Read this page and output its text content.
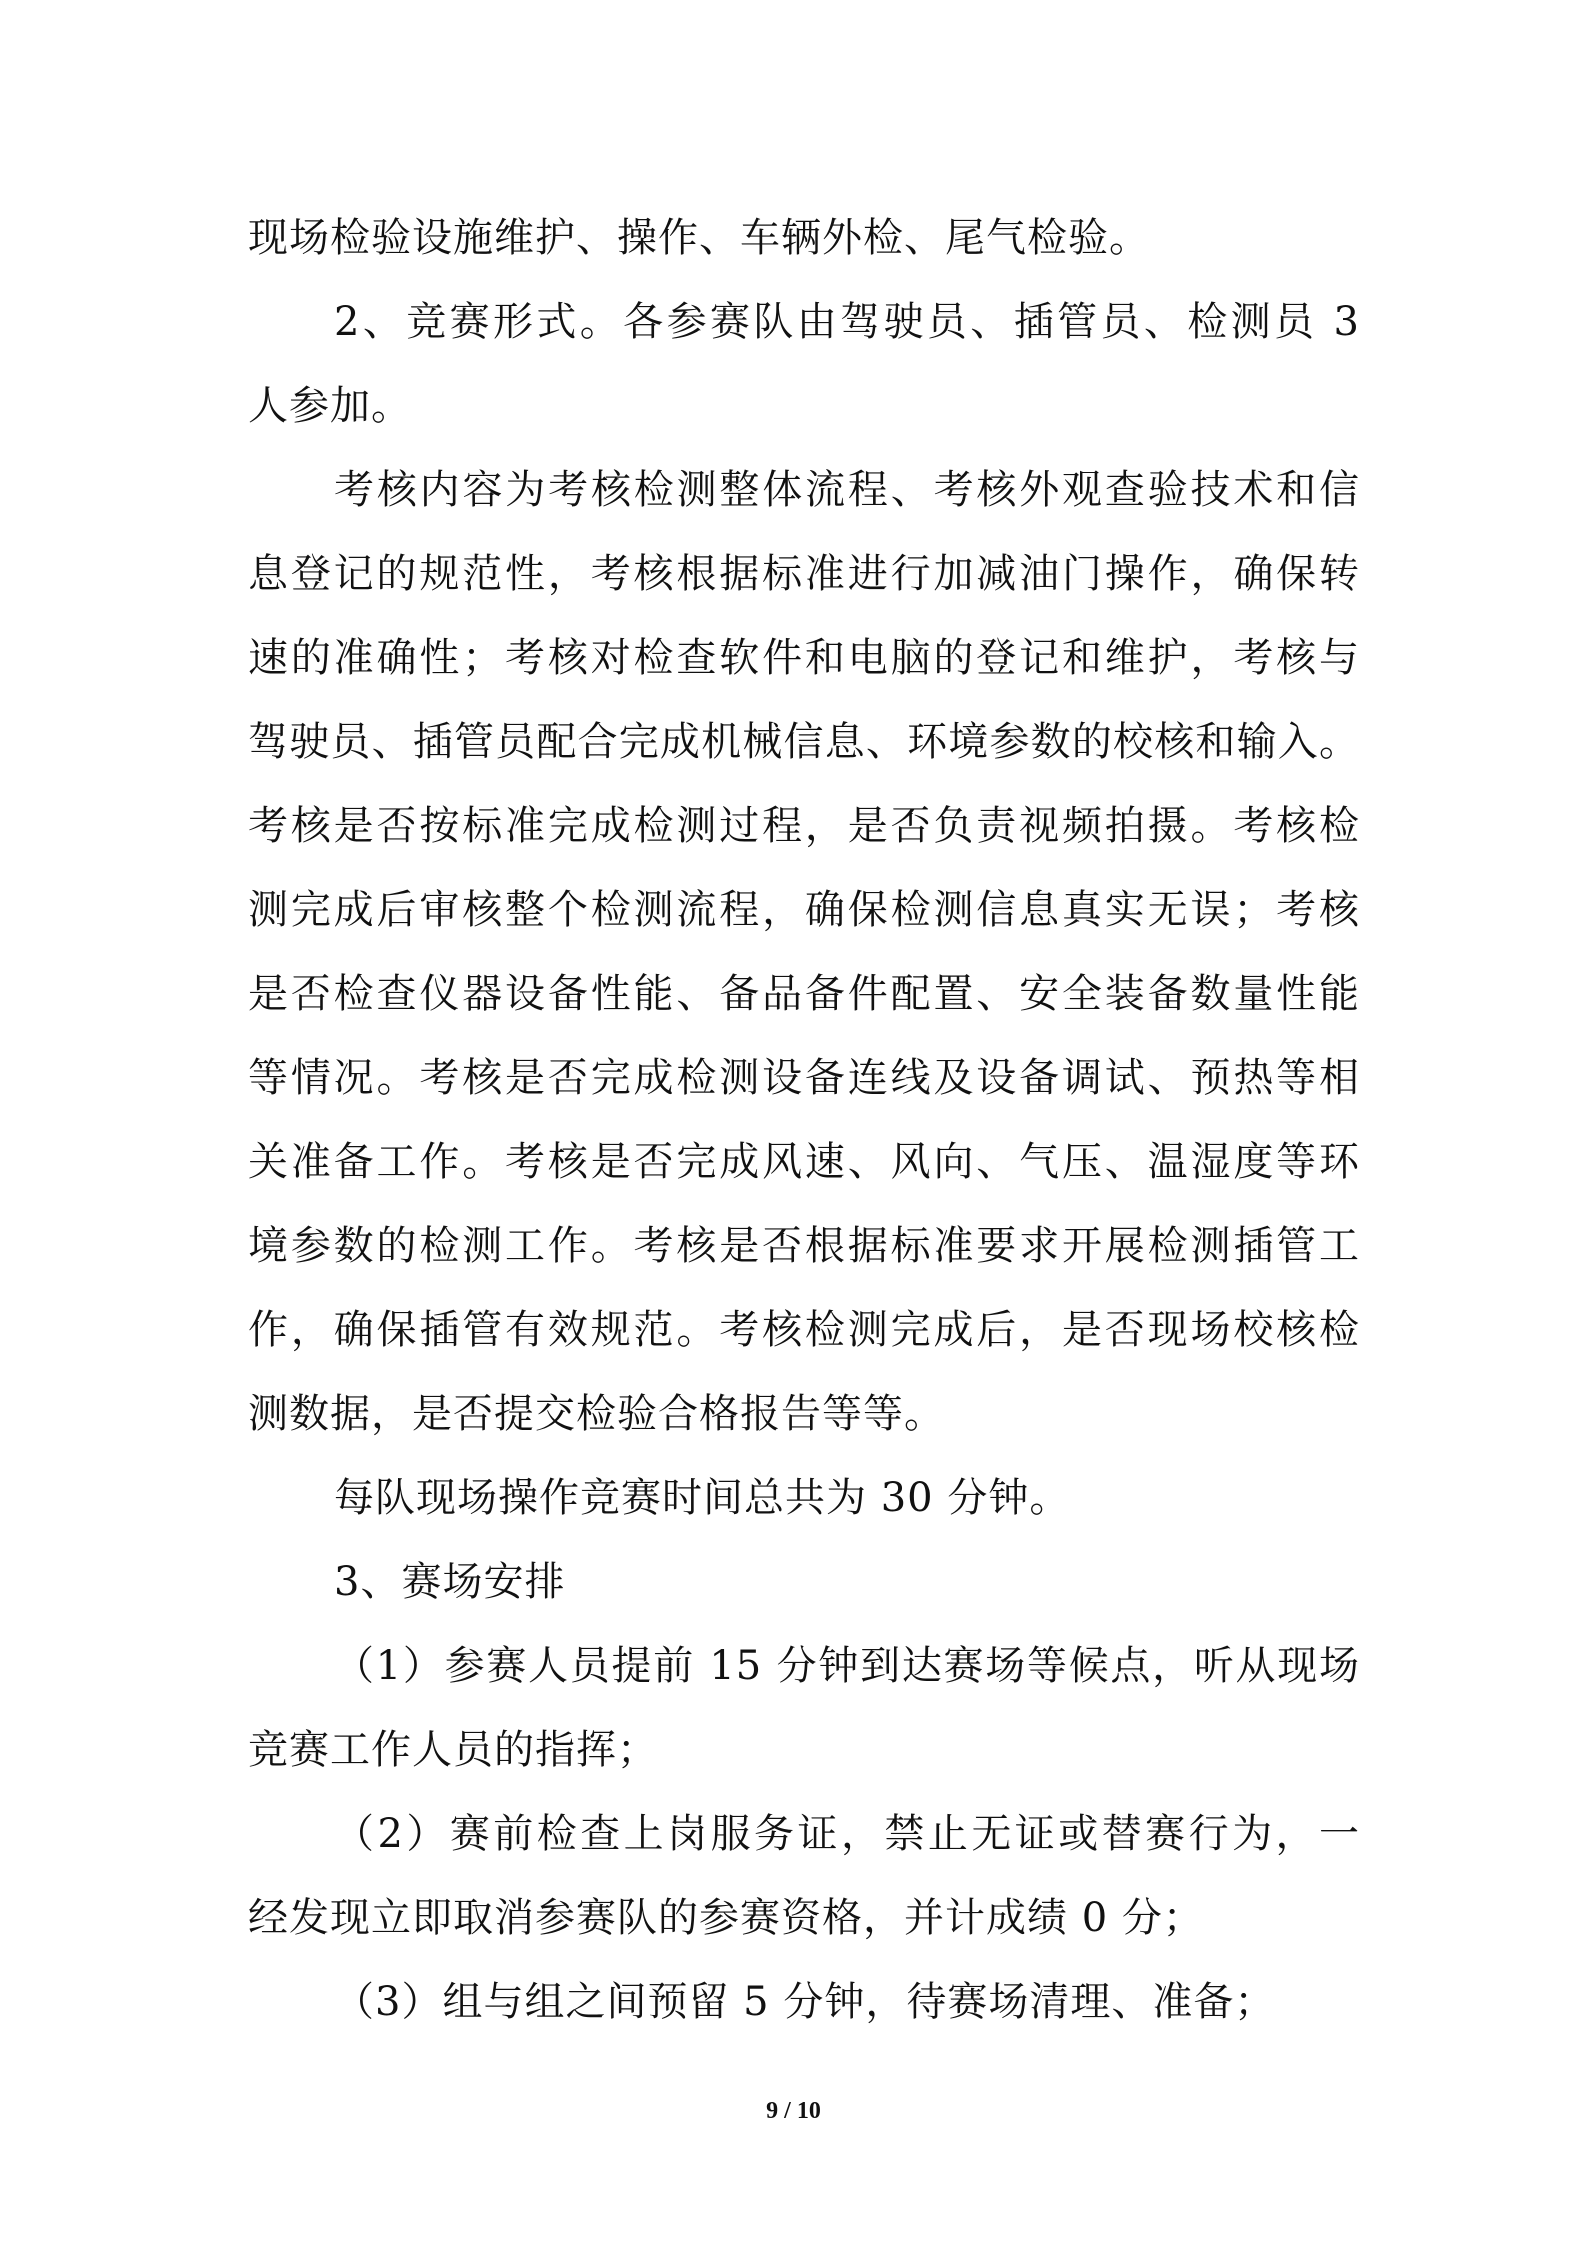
现场检验设施维护、操作、车辆外检、尾气检验。
2、竞赛形式。各参赛队由驾驶员、插管员、检测员 3
人参加。
考核内容为考核检测整体流程、考核外观查验技术和信
息登记的规范性，考核根据标准进行加减油门操作，确保转
速的准确性；考核对检查软件和电脑的登记和维护，考核与
驾驶员、插管员配合完成机械信息、环境参数的校核和输入。
考核是否按标准完成检测过程，是否负责视频拍摄。考核检
测完成后审核整个检测流程，确保检测信息真实无误；考核
是否检查仪器设备性能、备品备件配置、安全装备数量性能
等情况。考核是否完成检测设备连线及设备调试、预热等相
关准备工作。考核是否完成风速、风向、气压、温湿度等环
境参数的检测工作。考核是否根据标准要求开展检测插管工
作，确保插管有效规范。考核检测完成后，是否现场校核检
测数据，是否提交检验合格报告等等。
每队现场操作竞赛时间总共为 30 分钟。
3、赛场安排
（1）参赛人员提前 15 分钟到达赛场等候点，听从现场
竞赛工作人员的指挥；
（2）赛前检查上岗服务证，禁止无证或替赛行为，一
经发现立即取消参赛队的参赛资格，并计成绩 0 分；
（3）组与组之间预留 5 分钟，待赛场清理、准备；
9 / 10
